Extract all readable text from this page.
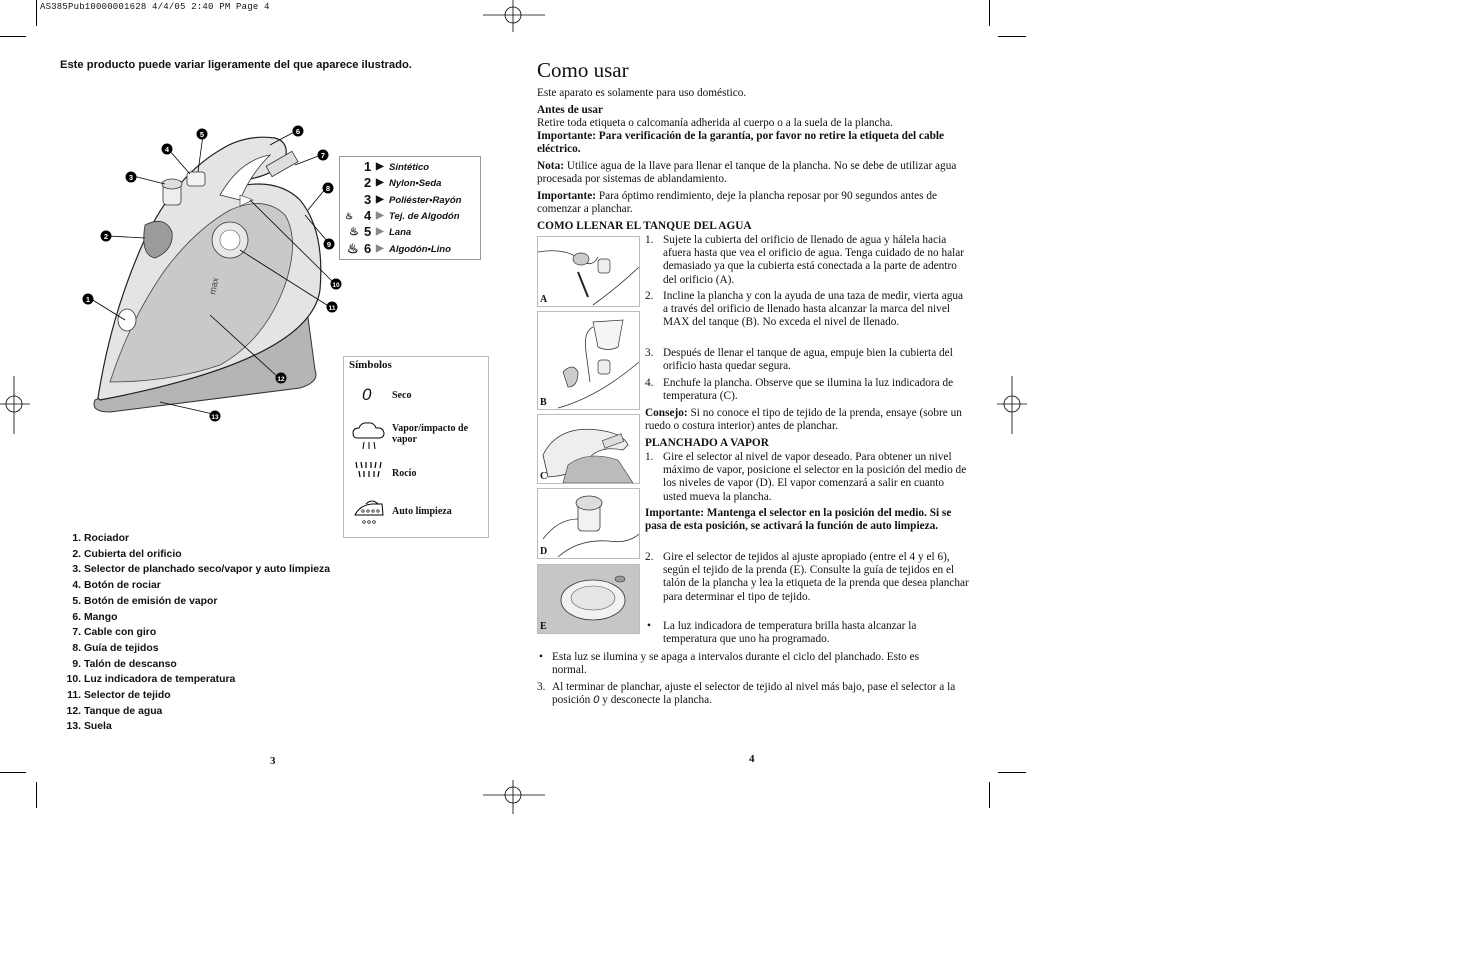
AS385Pub10000001628 4/4/05 2:40 PM Page 4
Este producto puede variar ligeramente del que aparece ilustrado.
max
1
2
3
4
5	6
7
8
9
10
11
12
13
1 ▶ Sintético
2 ▶ Nylon•Seda
3 ▶ Poliéster•Rayón
♨ 4 ▶ Tej. de Algodón
♨ 5 ▶ Lana
♨ 6 ▶ Algodón•Lino
Símbolos
0 Seco
Vapor/impacto de vapor
Rocío
Auto limpieza
1. Rociador
2. Cubierta del orificio
3. Selector de planchado seco/vapor y auto limpieza
4. Botón de rociar
5. Botón de emisión de vapor
6. Mango
7. Cable con giro
8. Guía de tejidos
9. Talón de descanso
10. Luz indicadora de temperatura
11. Selector de tejido
12. Tanque de agua
13. Suela
3
Como usar
Este aparato es solamente para uso doméstico.
Antes de usar
Retire toda etiqueta o calcomanía adherida al cuerpo o a la suela de la plancha.
Importante: Para verificación de la garantía, por favor no retire la etiqueta del cable eléctrico.
Nota: Utilice agua de la llave para llenar el tanque de la plancha. No se debe de utilizar agua procesada por sistemas de ablandamiento.
Importante: Para óptimo rendimiento, deje la plancha reposar por 90 segundos antes de comenzar a planchar.
COMO LLENAR EL TANQUE DEL AGUA
A
B
C
D
E
1. Sujete la cubierta del orificio de llenado de agua y hálela hacia afuera hasta que vea el orificio de agua. Tenga cuidado de no halar demasiado ya que la cubierta está conectada a la parte de adentro del orificio (A).
2. Incline la plancha y con la ayuda de una taza de medir, vierta agua a través del orificio de llenado hasta alcanzar la marca del nivel MAX del tanque (B). No exceda el nivel de llenado.
3. Después de llenar el tanque de agua, empuje bien la cubierta del orificio hasta quedar segura.
4. Enchufe la plancha. Observe que se ilumina la luz indicadora de temperatura (C).
Consejo: Si no conoce el tipo de tejido de la prenda, ensaye (sobre un ruedo o costura interior) antes de planchar.
PLANCHADO A VAPOR
1. Gire el selector al nivel de vapor deseado. Para obtener un nivel máximo de vapor, posicione el selector en la posición del medio de los niveles de vapor (D). El vapor comenzará a salir en cuanto usted mueva la plancha.
Importante: Mantenga el selector en la posición del medio. Si se pasa de esta posición, se activará la función de auto limpieza.
2. Gire el selector de tejidos al ajuste apropiado (entre el 4 y el 6), según el tejido de la prenda (E). Consulte la guía de tejidos en el talón de la plancha y lea la etiqueta de la prenda que desea planchar para determinar el tipo de tejido.
• La luz indicadora de temperatura brilla hasta alcanzar la temperatura que uno ha programado.
• Esta luz se ilumina y se apaga a intervalos durante el ciclo del planchado. Esto es normal.
3. Al terminar de planchar, ajuste el selector de tejido al nivel más bajo, pase el selector a la posición 0 y desconecte la plancha.
4
